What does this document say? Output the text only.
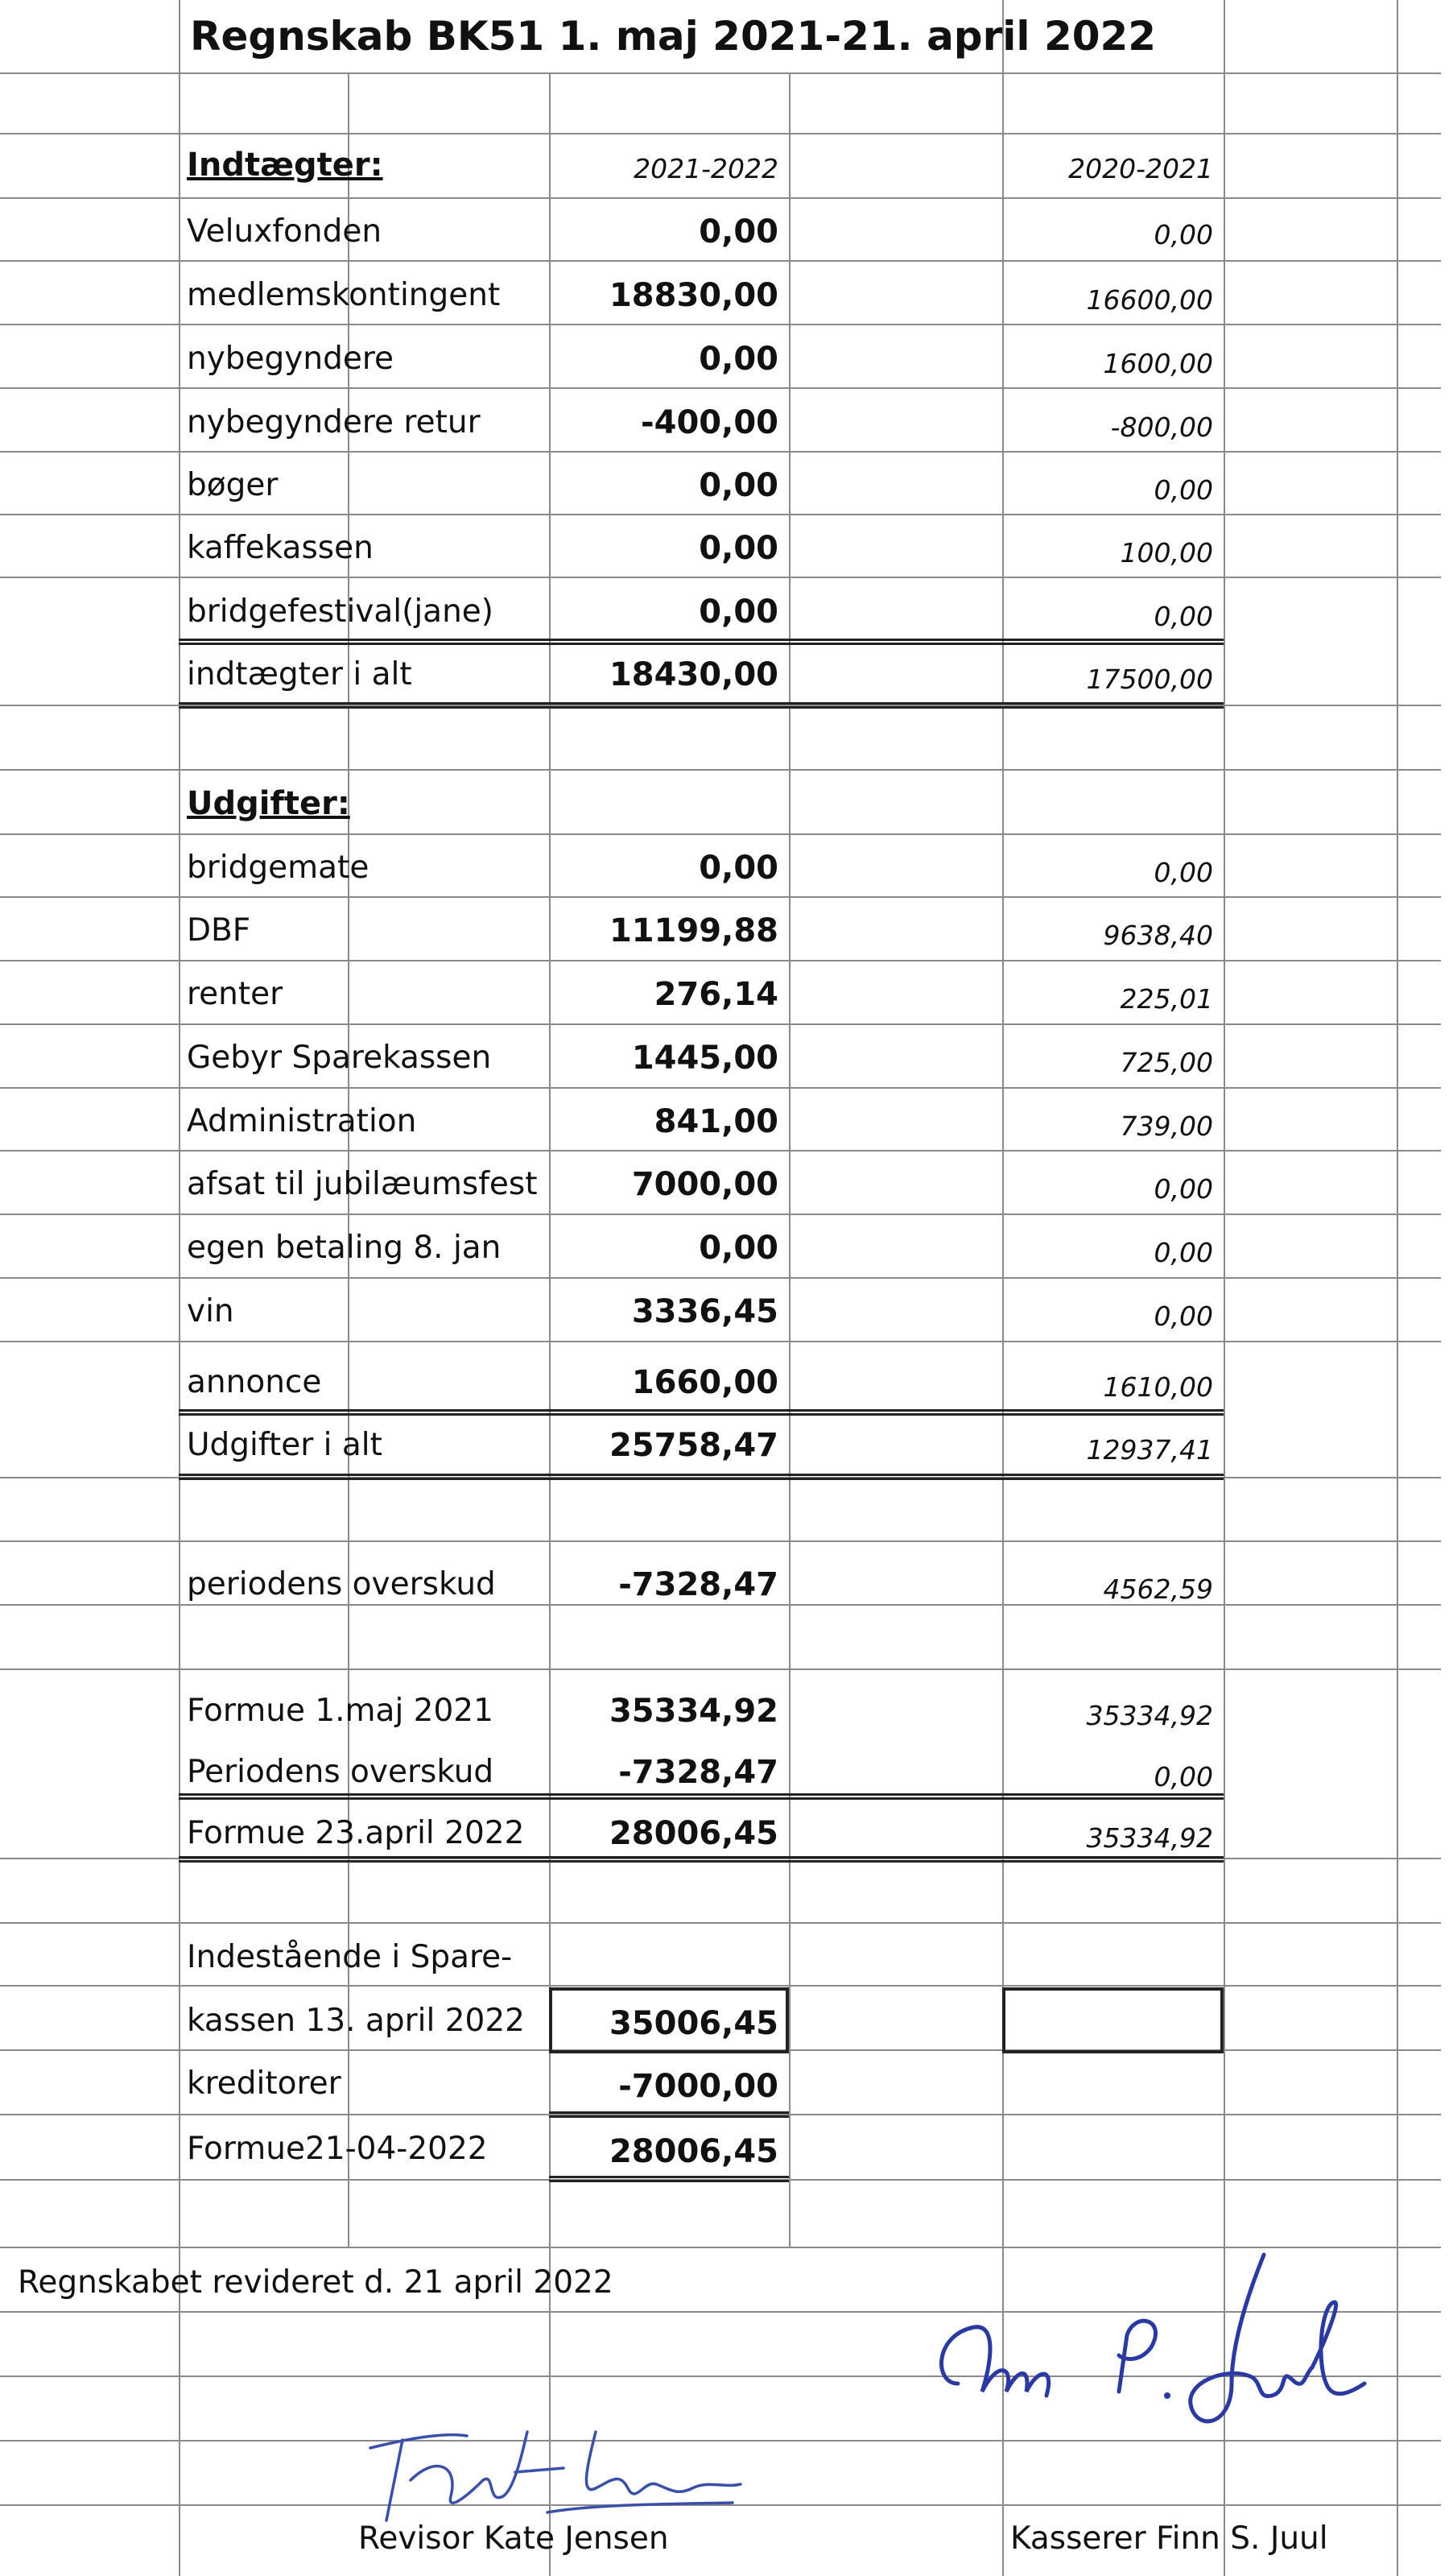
Regnskab BK51 1. maj 2021-21. april 2022
Indtægter:	2021-2022	2020-2021
Veluxfonden	0,00	0,00
medlemskontingent	18830,00	16600,00
nybegyndere	0,00	1600,00
nybegyndere retur	-400,00	-800,00
bøger	0,00	0,00
kaffekassen	0,00	100,00
bridgefestival(jane)	0,00	0,00
indtægter i alt	18430,00	17500,00
Udgifter:
bridgemate	0,00	0,00
DBF	11199,88	9638,40
renter	276,14	225,01
Gebyr Sparekassen	1445,00	725,00
Administration	841,00	739,00
afsat til jubilæumsfest	7000,00	0,00
egen betaling 8. jan	0,00	0,00
vin	3336,45	0,00
annonce	1660,00	1610,00
Udgifter i alt	25758,47	12937,41
periodens overskud	-7328,47	4562,59
Formue 1.maj 2021	35334,92	35334,92
Periodens overskud	-7328,47	0,00
Formue 23.april 2022	28006,45	35334,92
Indestående i Spare-
kassen 13. april 2022	35006,45
kreditorer	-7000,00
Formue21-04-2022	28006,45
Regnskabet revideret d. 21 april 2022
Revisor Kate Jensen	Kasserer Finn S. Juul
